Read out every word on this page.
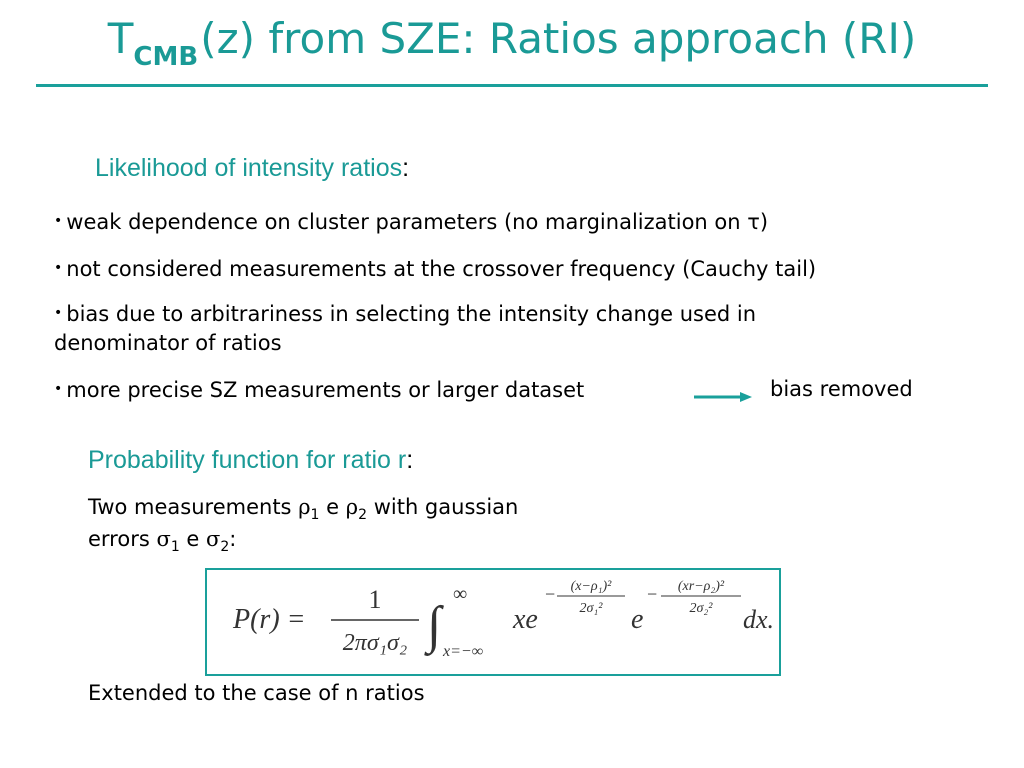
$T_{CMB}(z)$ from SZE: Ratios approach (RI)
Likelihood of intensity ratios:
• weak dependence on cluster parameters (no marginalization on τ)
• not considered measurements at the crossover frequency (Cauchy tail)
• bias due to arbitrariness in selecting the intensity change used in
denominator of ratios
• more precise SZ measurements or larger dataset	bias removed
Probability function for ratio r:
Two measurements $\rho_1$ e $\rho_2$ with gaussian
errors $\sigma_1$ e $\sigma_2$:
P(r) =
1
2πσ₁σ₂ ∫
∞
x=−∞
xe
− (x−ρ₁)²
2σ₁² e
− (xr−ρ₂)²
2σ₂² dx.
Extended to the case of n ratios
